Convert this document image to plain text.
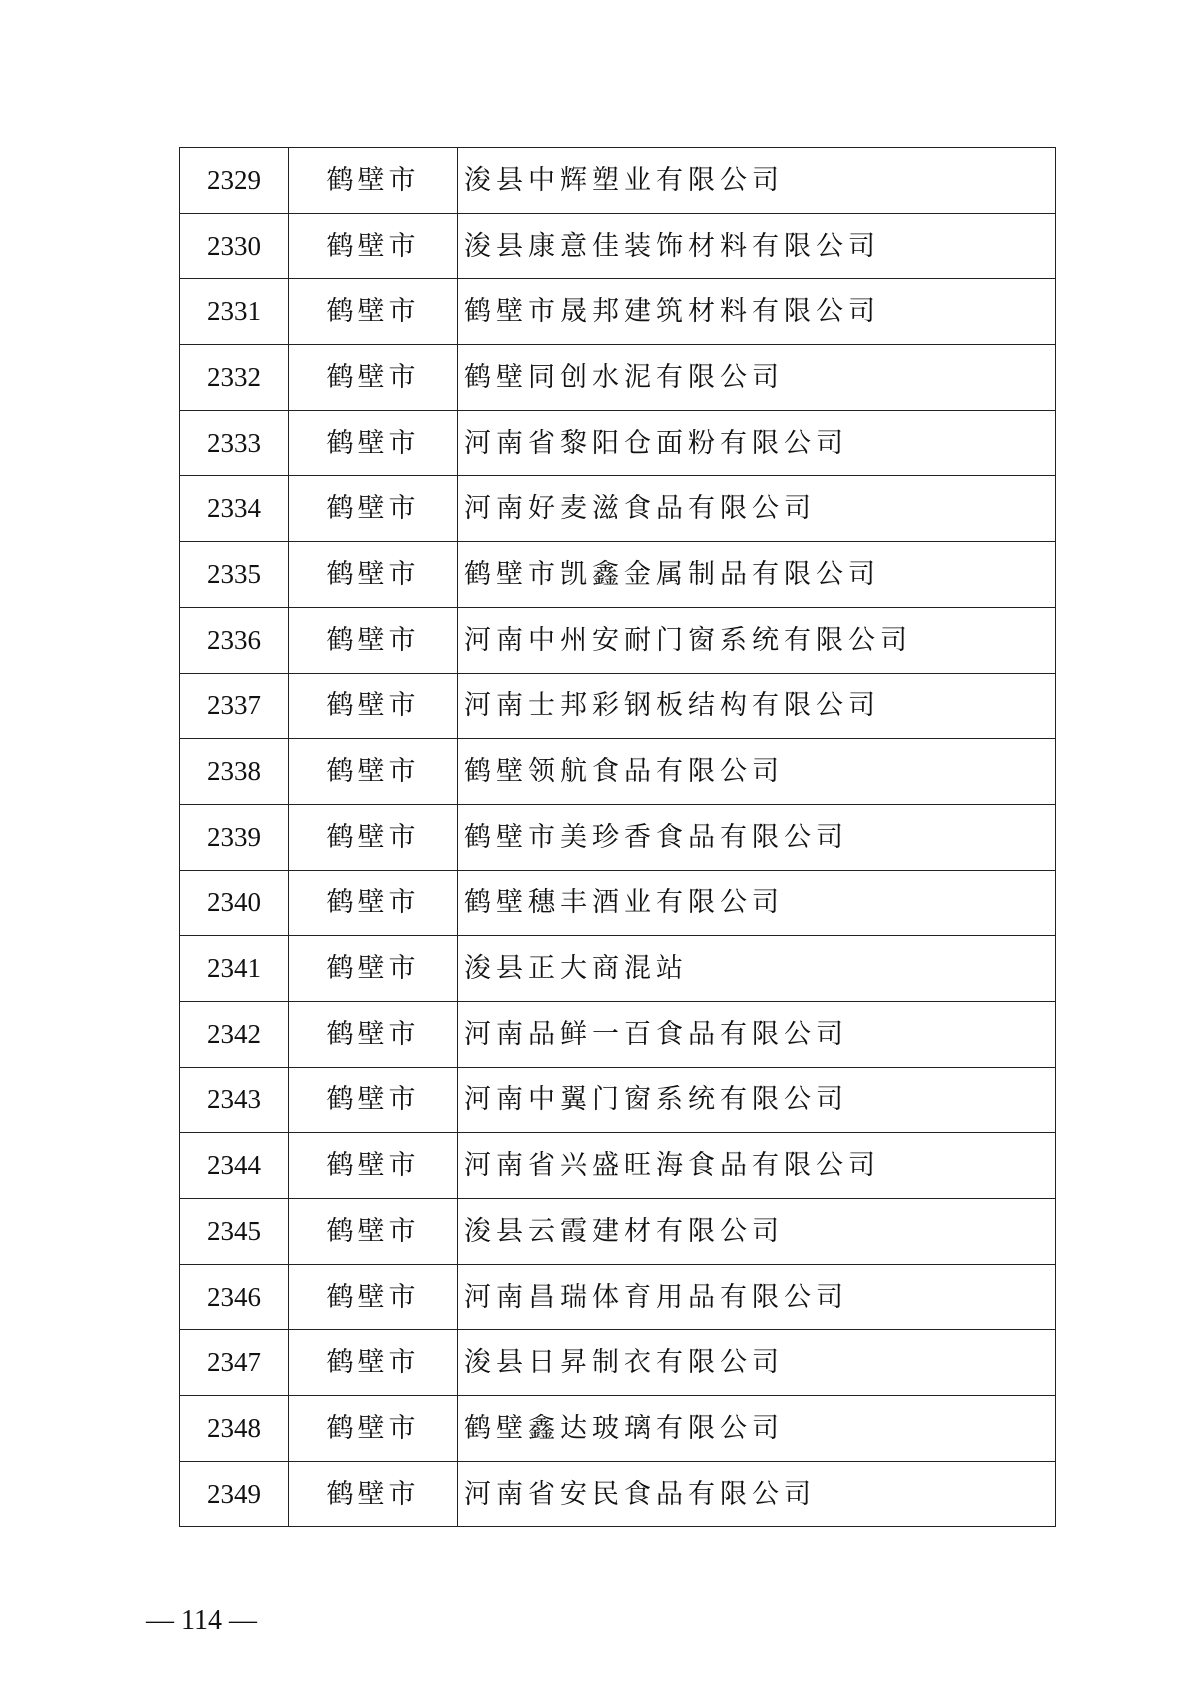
2329	鹤壁市	浚县中辉塑业有限公司
2330	鹤壁市	浚县康意佳装饰材料有限公司
2331	鹤壁市	鹤壁市晟邦建筑材料有限公司
2332	鹤壁市	鹤壁同创水泥有限公司
2333	鹤壁市	河南省黎阳仓面粉有限公司
2334	鹤壁市	河南好麦滋食品有限公司
2335	鹤壁市	鹤壁市凯鑫金属制品有限公司
2336	鹤壁市	河南中州安耐门窗系统有限公司
2337	鹤壁市	河南士邦彩钢板结构有限公司
2338	鹤壁市	鹤壁领航食品有限公司
2339	鹤壁市	鹤壁市美珍香食品有限公司
2340	鹤壁市	鹤壁穗丰酒业有限公司
2341	鹤壁市	浚县正大商混站
2342	鹤壁市	河南品鲜一百食品有限公司
2343	鹤壁市	河南中翼门窗系统有限公司
2344	鹤壁市	河南省兴盛旺海食品有限公司
2345	鹤壁市	浚县云霞建材有限公司
2346	鹤壁市	河南昌瑞体育用品有限公司
2347	鹤壁市	浚县日昇制衣有限公司
2348	鹤壁市	鹤壁鑫达玻璃有限公司
2349	鹤壁市	河南省安民食品有限公司
— 114 —
